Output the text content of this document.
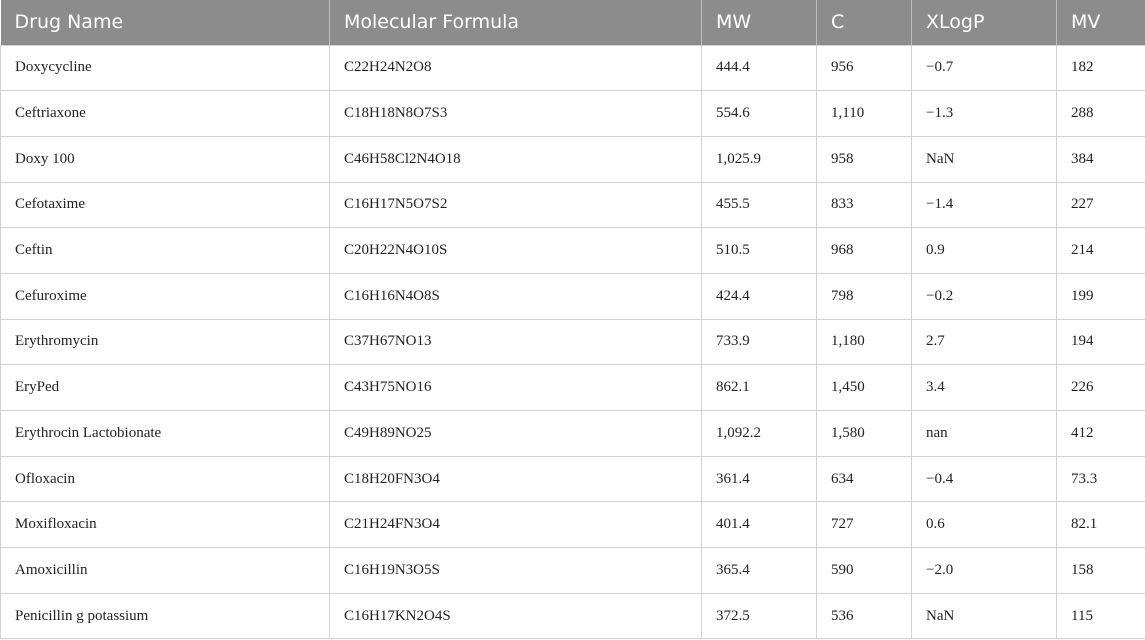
Drug Name	Molecular Formula	MW	C	XLogP	MV
Doxycycline	C22H24N2O8	444.4	956	−0.7	182
Ceftriaxone	C18H18N8O7S3	554.6	1,110	−1.3	288
Doxy 100	C46H58Cl2N4O18	1,025.9	958	NaN	384
Cefotaxime	C16H17N5O7S2	455.5	833	−1.4	227
Ceftin	C20H22N4O10S	510.5	968	0.9	214
Cefuroxime	C16H16N4O8S	424.4	798	−0.2	199
Erythromycin	C37H67NO13	733.9	1,180	2.7	194
EryPed	C43H75NO16	862.1	1,450	3.4	226
Erythrocin Lactobionate	C49H89NO25	1,092.2	1,580	nan	412
Ofloxacin	C18H20FN3O4	361.4	634	−0.4	73.3
Moxifloxacin	C21H24FN3O4	401.4	727	0.6	82.1
Amoxicillin	C16H19N3O5S	365.4	590	−2.0	158
Penicillin g potassium	C16H17KN2O4S	372.5	536	NaN	115
